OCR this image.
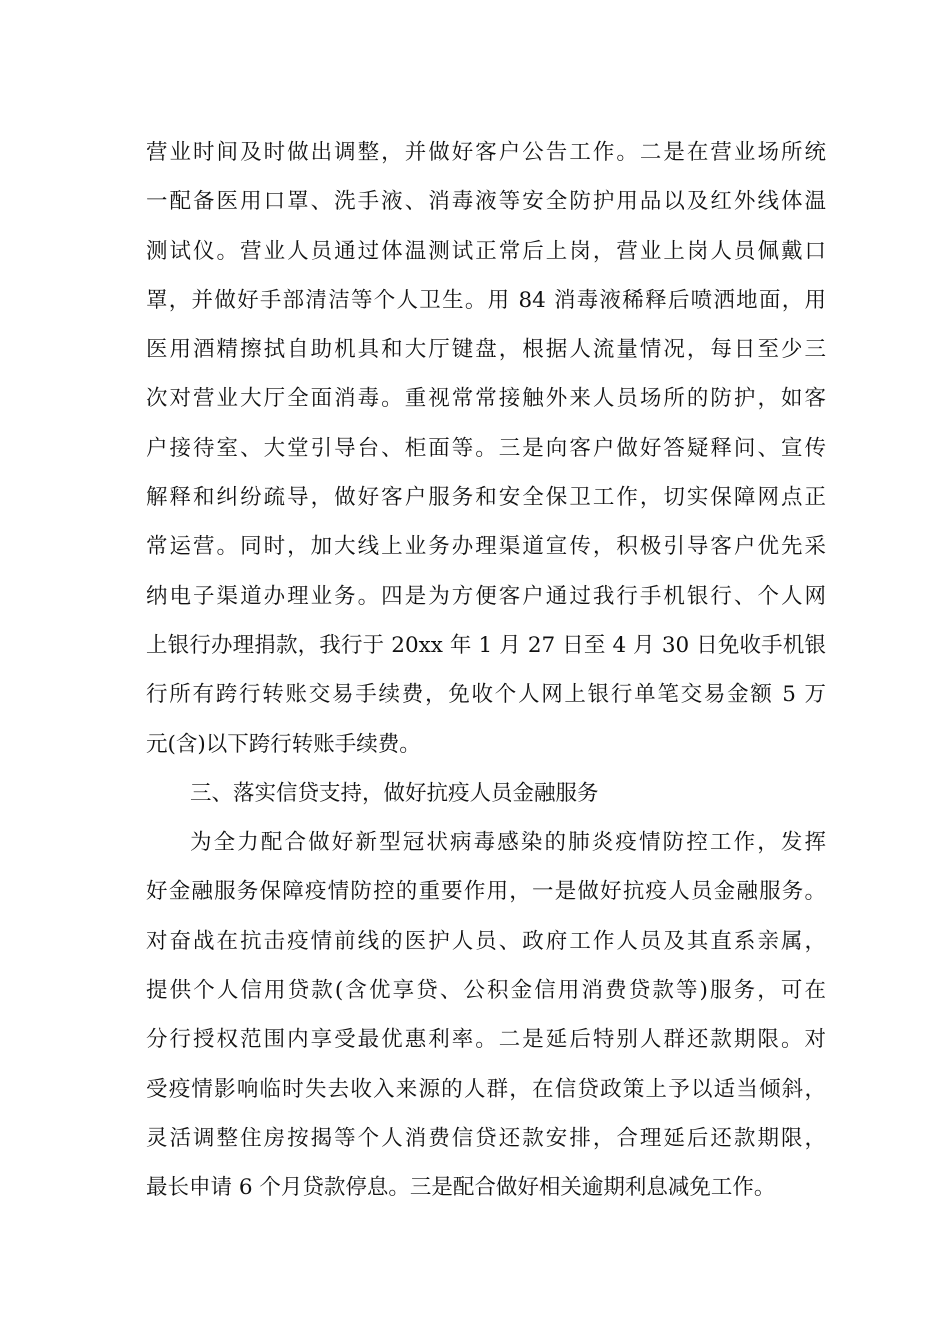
营业时间及时做出调整，并做好客户公告工作。二是在营业场所统
一配备医用口罩、洗手液、消毒液等安全防护用品以及红外线体温
测试仪。营业人员通过体温测试正常后上岗，营业上岗人员佩戴口
罩，并做好手部清洁等个人卫生。用 84 消毒液稀释后喷洒地面，用
医用酒精擦拭自助机具和大厅键盘，根据人流量情况，每日至少三
次对营业大厅全面消毒。重视常常接触外来人员场所的防护，如客
户接待室、大堂引导台、柜面等。三是向客户做好答疑释问、宣传
解释和纠纷疏导，做好客户服务和安全保卫工作，切实保障网点正
常运营。同时，加大线上业务办理渠道宣传，积极引导客户优先采
纳电子渠道办理业务。四是为方便客户通过我行手机银行、个人网
上银行办理捐款，我行于 20xx 年 1 月 27 日至 4 月 30 日免收手机银
行所有跨行转账交易手续费，免收个人网上银行单笔交易金额 5 万
元(含)以下跨行转账手续费。
三、落实信贷支持，做好抗疫人员金融服务
为全力配合做好新型冠状病毒感染的肺炎疫情防控工作，发挥
好金融服务保障疫情防控的重要作用，一是做好抗疫人员金融服务。
对奋战在抗击疫情前线的医护人员、政府工作人员及其直系亲属，
提供个人信用贷款(含优享贷、公积金信用消费贷款等)服务，可在
分行授权范围内享受最优惠利率。二是延后特别人群还款期限。对
受疫情影响临时失去收入来源的人群，在信贷政策上予以适当倾斜，
灵活调整住房按揭等个人消费信贷还款安排，合理延后还款期限，
最长申请 6 个月贷款停息。三是配合做好相关逾期利息减免工作。
